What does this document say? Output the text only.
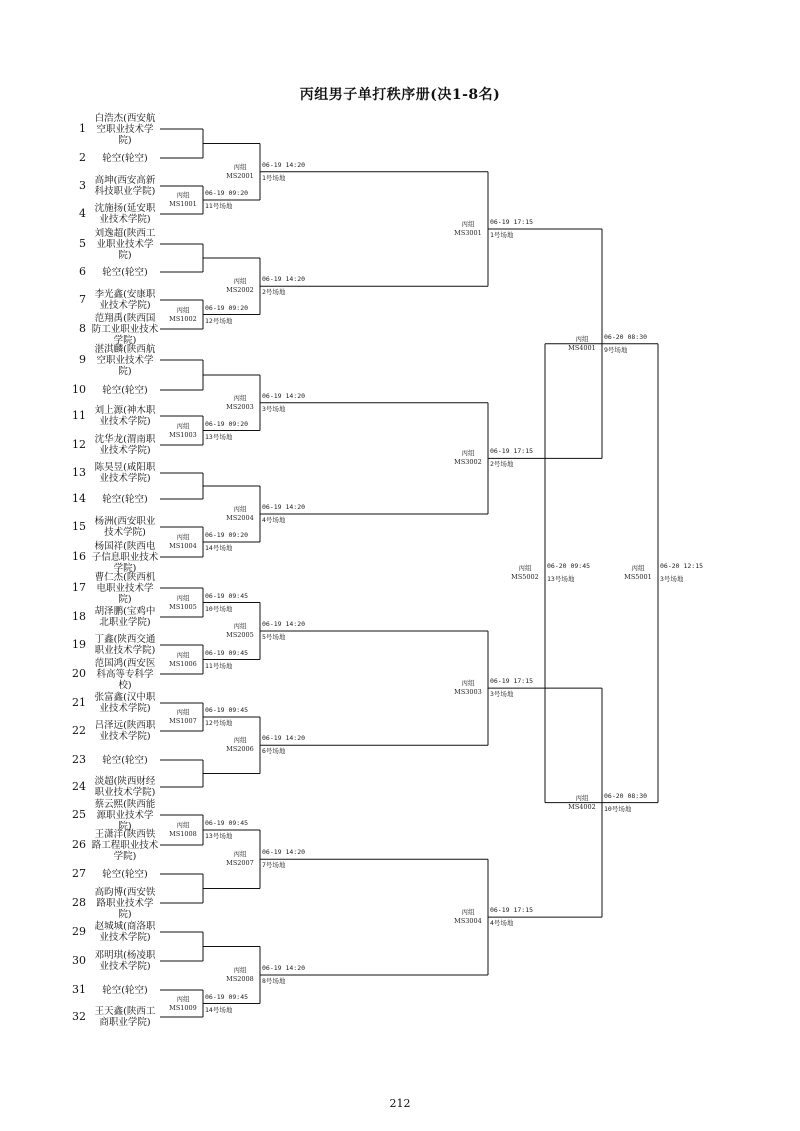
丙组男子单打秩序册(决1-8名)
1
白浩杰(西安航空职业技术学院)
2	轮空(轮空)
3 高坤(西安高新科技职业学院)
4 沈施扬(延安职业技术学院)
5
刘逸超(陕西工业职业技术学院)
6	轮空(轮空)
7 李光鑫(安康职业技术学院)
8
范翔禹(陕西国防工业职业技术学院)
9
湛淇麟(陕西航空职业技术学院)
10	轮空(轮空)
11 刘上源(神木职业技术学院)
12 沈华龙(渭南职业技术学院)
13 陈昊昱(咸阳职业技术学院)
14	轮空(轮空)
15 杨洲(西安职业技术学院)
16
杨国祥(陕西电子信息职业技术学院)
17
曹仁杰(陕西机电职业技术学院)
18 胡泽鹏(宝鸡中北职业学院)
19 丁鑫(陕西交通职业技术学院)
20
范国鸿(西安医科高等专科学校)
21 张富鑫(汉中职业技术学院)
22 吕泽远(陕西职业技术学院)
23	轮空(轮空)
24 淡超(陕西财经职业技术学院)
25
蔡云熙(陕西能源职业技术学院)
26
王潇洋(陕西铁路工程职业技术学院)
27	轮空(轮空)
28
高昀博(西安铁路职业技术学院)
29 赵城城(商洛职业技术学院)
30 邓明琪(杨凌职业技术学院)
31	轮空(轮空)
32 王天鑫(陕西工商职业学院)
丙组
MS1001
06-19 09:20
11号场地
丙组
MS2001
06-19 14:20
1号场地
丙组
MS1002
06-19 09:20
12号场地
丙组
MS2002
06-19 14:20
2号场地
丙组
MS1003
06-19 09:20
13号场地
丙组
MS2003
06-19 14:20
3号场地
丙组
MS1004
06-19 09:20
14号场地
丙组
MS2004
06-19 14:20
4号场地
丙组
MS1005
06-19 09:45
10号场地
丙组
MS1006
06-19 09:45
11号场地
丙组
MS2005
06-19 14:20
5号场地
丙组
MS1007
06-19 09:45
12号场地
丙组
MS2006
06-19 14:20
6号场地
丙组
MS1008
06-19 09:45
13号场地
丙组
MS2007
06-19 14:20
7号场地
丙组
MS1009
06-19 09:45
14号场地
丙组
MS2008
06-19 14:20
8号场地
丙组
MS3001
06-19 17:15
1号场地
丙组
MS3002
06-19 17:15
2号场地
丙组
MS3003
06-19 17:15
3号场地
丙组
MS3004
06-19 17:15
4号场地
丙组
MS4001
06-20 08:30
9号场地
丙组
MS4002
06-20 08:30
10号场地
丙组
MS5002
06-20 09:45
13号场地
丙组
MS5001
06-20 12:15
3号场地
212
